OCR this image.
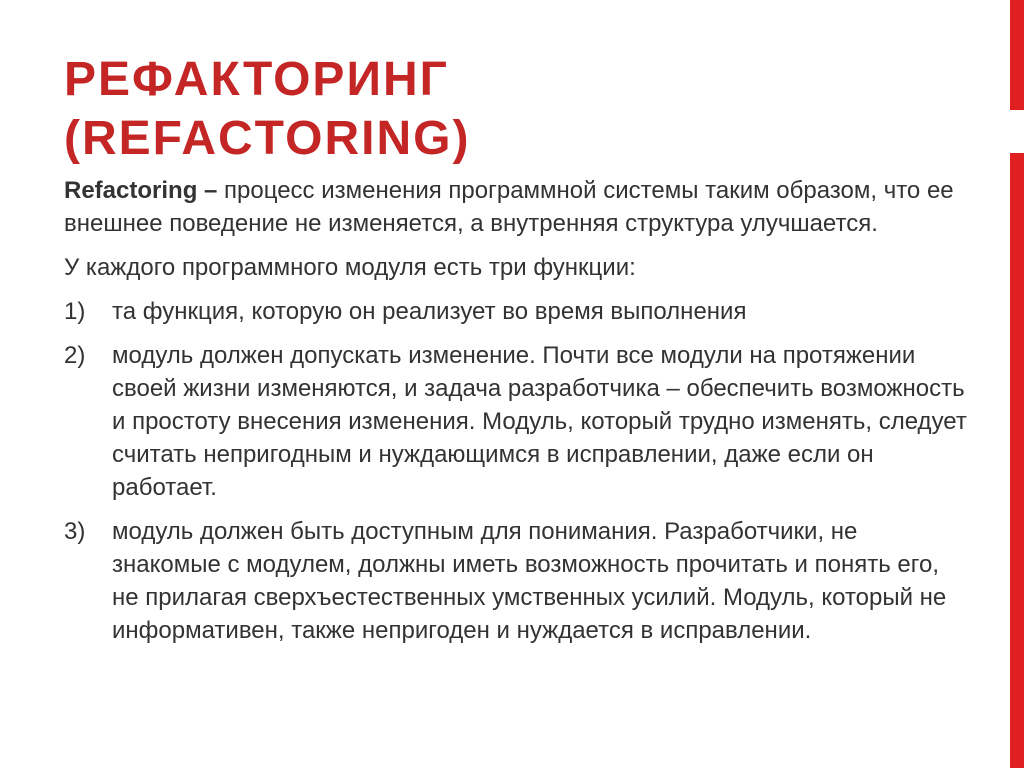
РЕФАКТОРИНГ
(REFACTORING)

Refactoring – процесс изменения программной системы таким образом, что ее внешнее поведение не изменяется, а внутренняя структура улучшается.

У каждого программного модуля есть три функции:

1) та функция, которую он реализует во время выполнения
2) модуль должен допускать изменение. Почти все модули на протяжении своей жизни изменяются, и задача разработчика – обеспечить возможность и простоту внесения изменения. Модуль, который трудно изменять, следует считать непригодным и нуждающимся в исправлении, даже если он работает.
3) модуль должен быть доступным для понимания. Разработчики, не знакомые с модулем, должны иметь возможность прочитать и понять его, не прилагая сверхъестественных умственных усилий. Модуль, который не информативен, также непригоден и нуждается в исправлении.
